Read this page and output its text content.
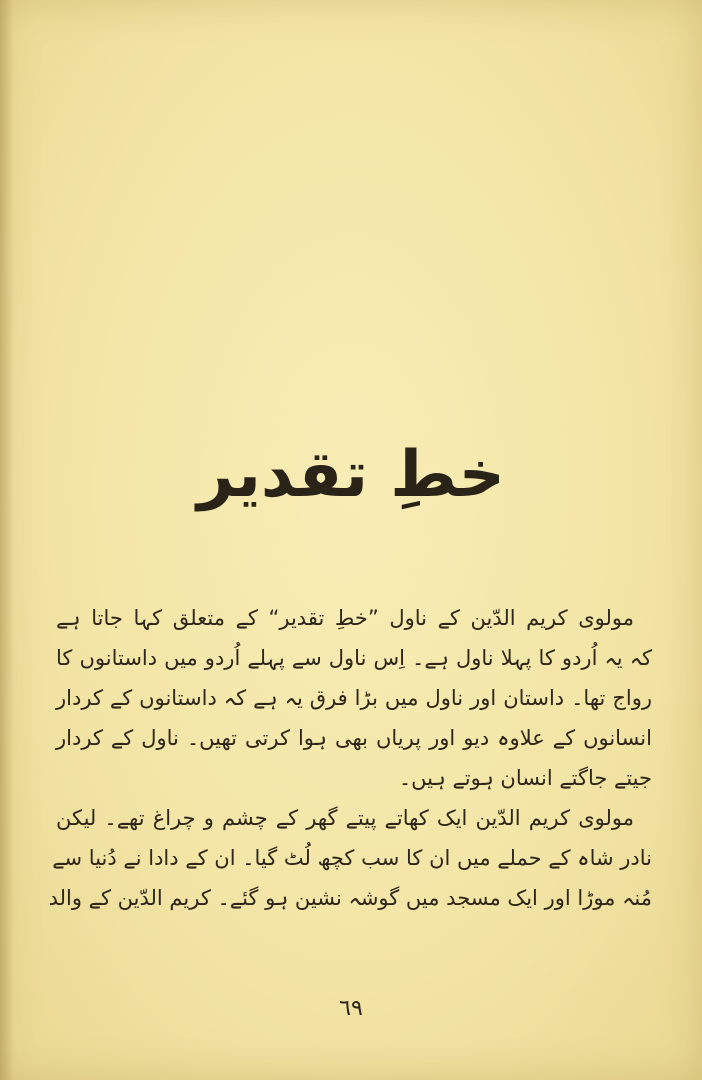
خطِ تقدیر
مولوی کریم الدّین کے ناول ”خطِ تقدیر“ کے متعلق کہا جاتا ہے
کہ یہ اُردو کا پہلا ناول ہے۔ اِس ناول سے پہلے اُردو میں داستانوں کا
رواج تھا۔ داستان اور ناول میں بڑا فرق یہ ہے کہ داستانوں کے کردار
انسانوں کے علاوہ دیو اور پریاں بھی ہوا کرتی تھیں۔ ناول کے کردار
جیتے جاگتے انسان ہوتے ہیں۔
مولوی کریم الدّین ایک کھاتے پیتے گھر کے چشم و چراغ تھے۔ لیکن
نادر شاہ کے حملے میں ان کا سب کچھ لُٹ گیا۔ ان کے دادا نے دُنیا سے
مُنہ موڑا اور ایک مسجد میں گوشہ نشین ہو گئے۔ کریم الدّین کے والد
٦٩
